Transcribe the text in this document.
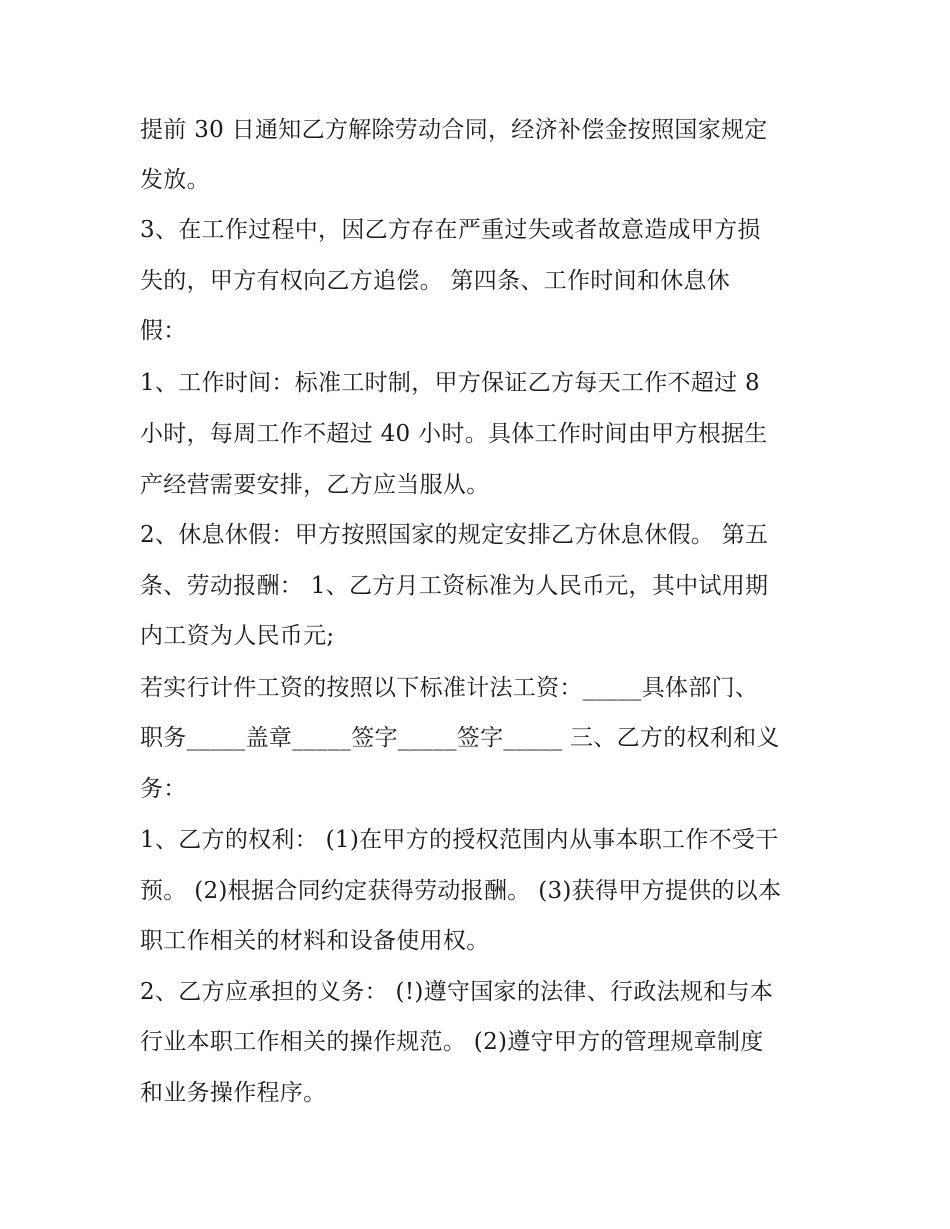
提前 30 日通知乙方解除劳动合同，经济补偿金按照国家规定
发放。
3、在工作过程中，因乙方存在严重过失或者故意造成甲方损
失的，甲方有权向乙方追偿。 第四条、工作时间和休息休
假：
1、工作时间：标准工时制，甲方保证乙方每天工作不超过 8
小时，每周工作不超过 40 小时。具体工作时间由甲方根据生
产经营需要安排，乙方应当服从。
2、休息休假：甲方按照国家的规定安排乙方休息休假。 第五
条、劳动报酬： 1、乙方月工资标准为人民币元，其中试用期
内工资为人民币元;
若实行计件工资的按照以下标准计法工资：_____具体部门、
职务_____盖章_____签字_____签字_____ 三、乙方的权利和义
务：
1、乙方的权利： (1)在甲方的授权范围内从事本职工作不受干
预。 (2)根据合同约定获得劳动报酬。 (3)获得甲方提供的以本
职工作相关的材料和设备使用权。
2、乙方应承担的义务： (!)遵守国家的法律、行政法规和与本
行业本职工作相关的操作规范。 (2)遵守甲方的管理规章制度
和业务操作程序。
